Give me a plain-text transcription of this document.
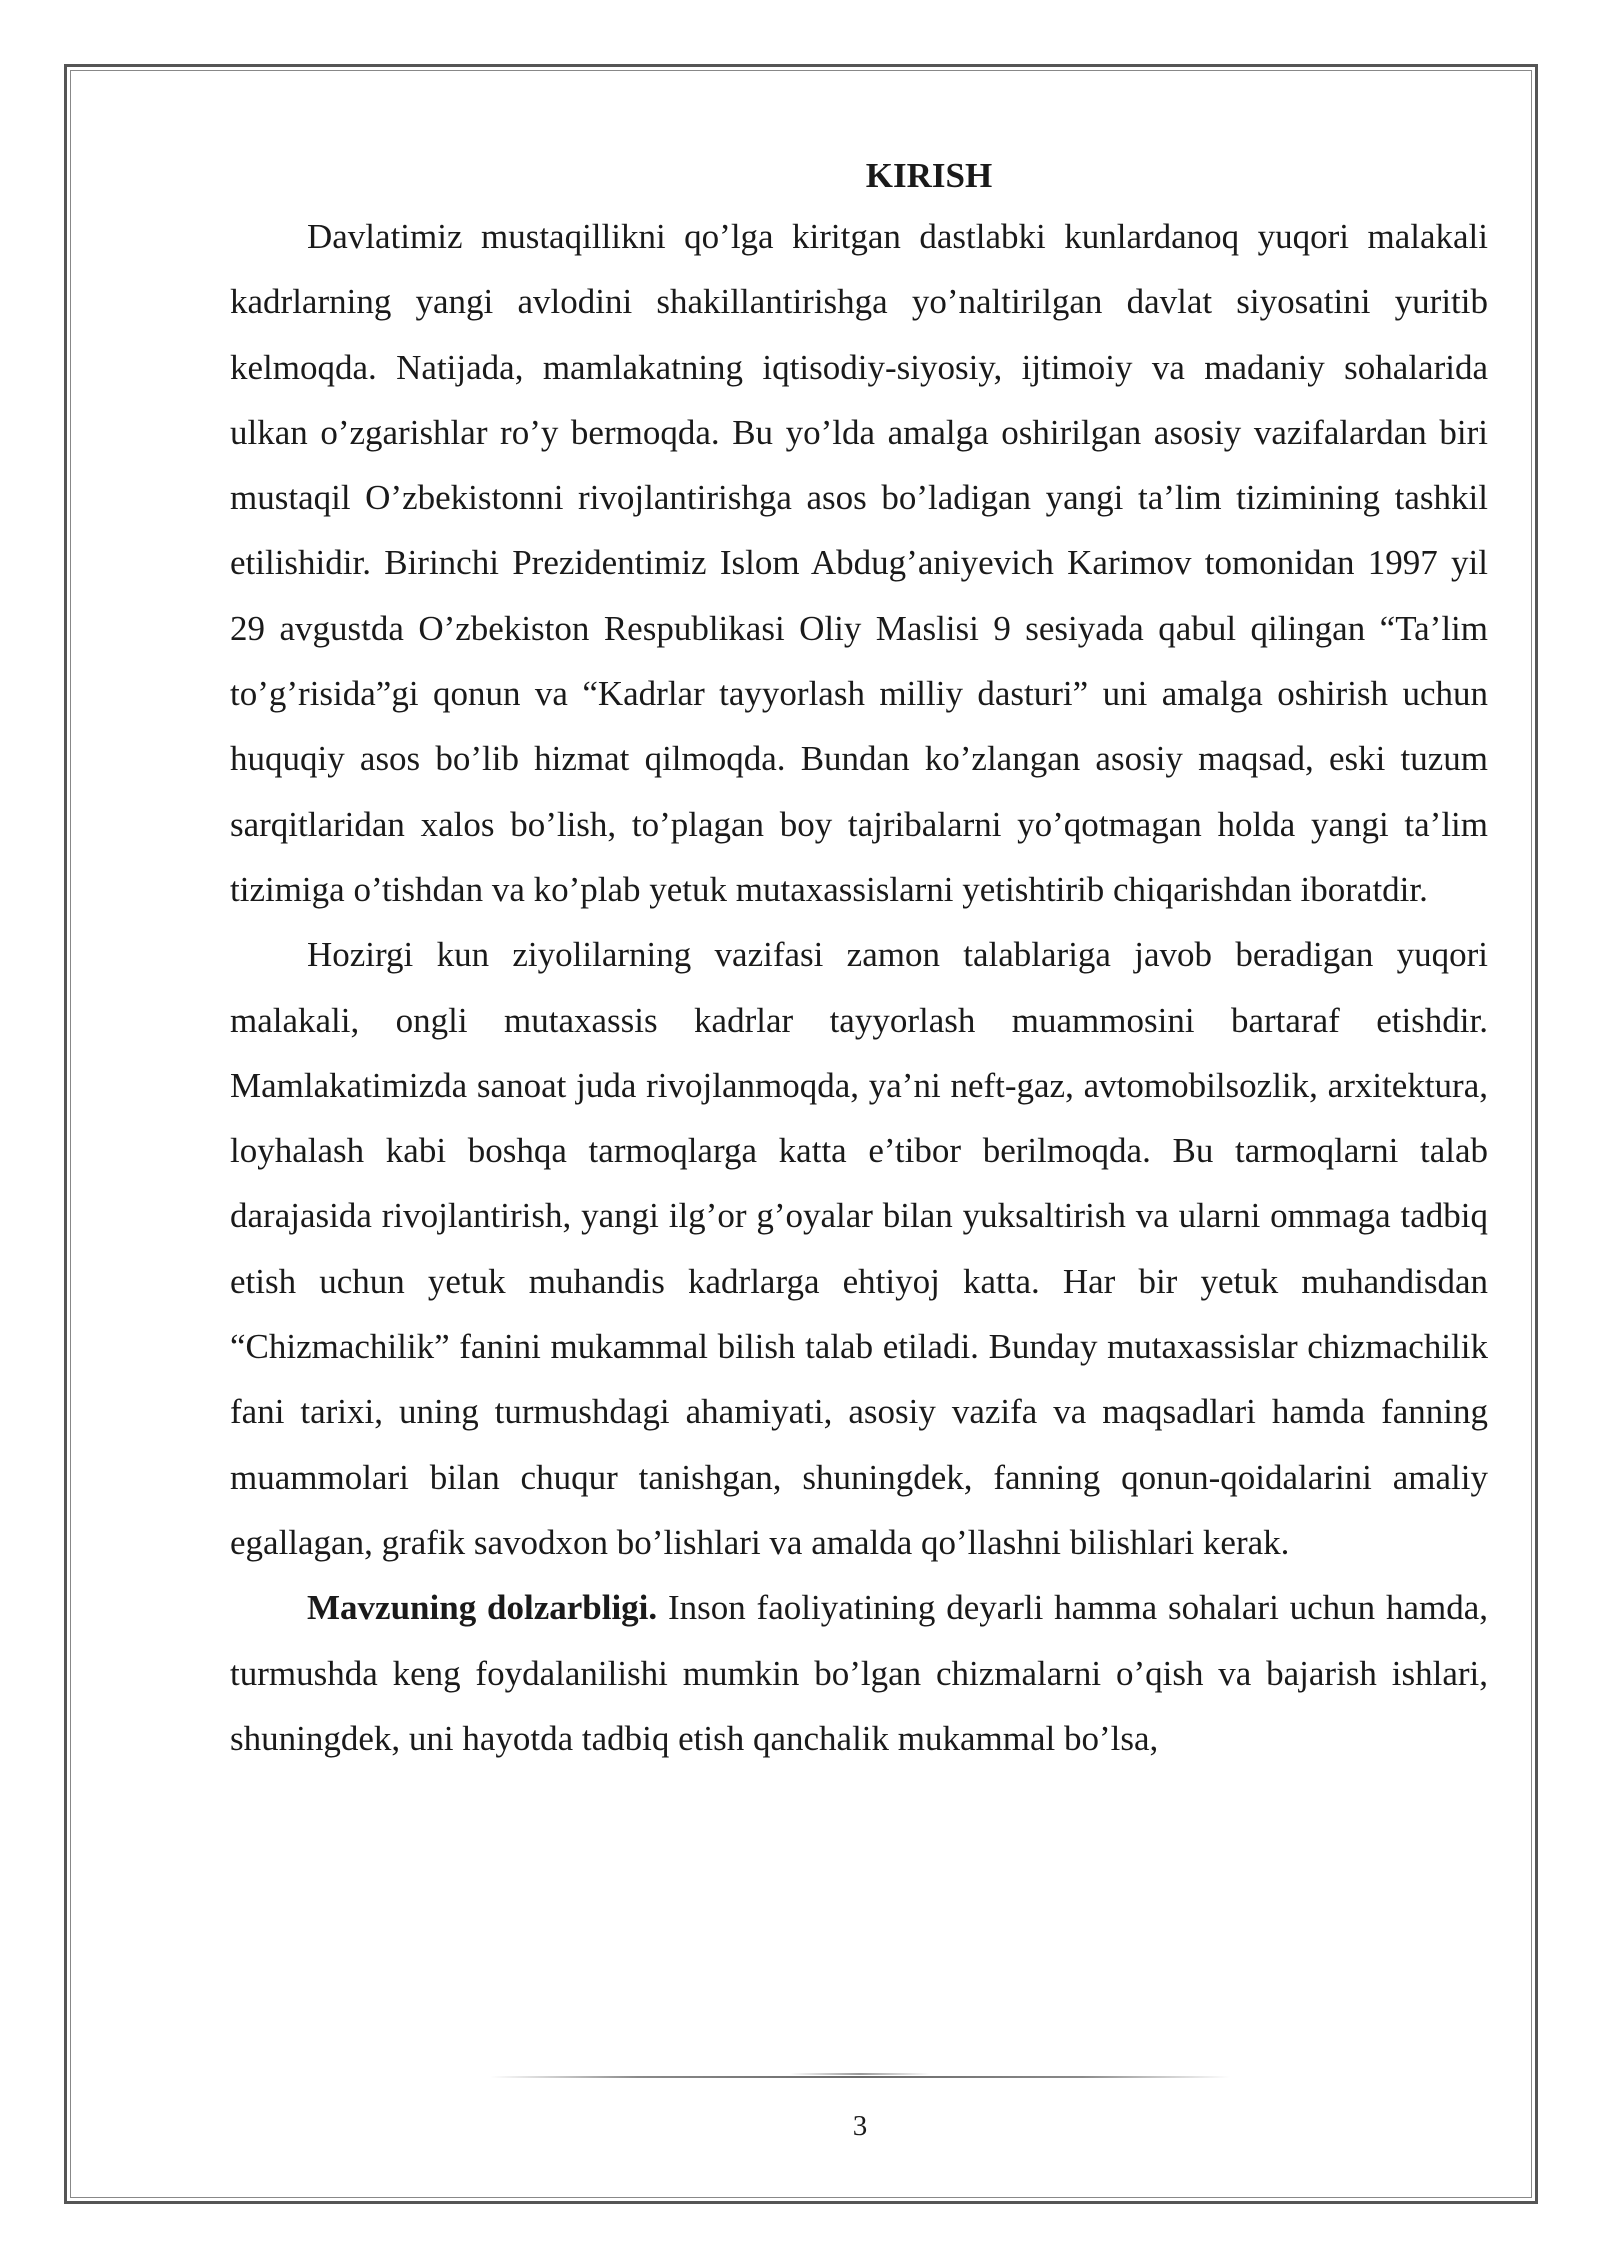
KIRISH

Davlatimiz mustaqillikni qo’lga kiritgan dastlabki kunlardanoq yuqori malakali kadrlarning yangi avlodini shakillantirishga yo’naltirilgan davlat siyosatini yuritib kelmoqda. Natijada, mamlakatning iqtisodiy-siyosiy, ijtimoiy va madaniy sohalarida ulkan o’zgarishlar ro’y bermoqda. Bu yo’lda amalga oshirilgan asosiy vazifalardan biri mustaqil O’zbekistonni rivojlantirishga asos bo’ladigan yangi ta’lim tizimining tashkil etilishidir. Birinchi Prezidentimiz Islom Abdug’aniyevich Karimov tomonidan 1997 yil 29 avgustda O’zbekiston Respublikasi Oliy Maslisi 9 sesiyada qabul qilingan “Ta’lim to’g’risida”gi qonun va “Kadrlar tayyorlash milliy dasturi” uni amalga oshirish uchun huquqiy asos bo’lib hizmat qilmoqda. Bundan ko’zlangan asosiy maqsad, eski tuzum sarqitlaridan xalos bo’lish, to’plagan boy tajribalarni yo’qotmagan holda yangi ta’lim tizimiga o’tishdan va ko’plab yetuk mutaxassislarni yetishtirib chiqarishdan iboratdir.

Hozirgi kun ziyolilarning vazifasi zamon talablariga javob beradigan yuqori malakali, ongli mutaxassis kadrlar tayyorlash muammosini bartaraf etishdir. Mamlakatimizda sanoat juda rivojlanmoqda, ya’ni neft-gaz, avtomobilsozlik, arxitektura, loyhalash kabi boshqa tarmoqlarga katta e’tibor berilmoqda. Bu tarmoqlarni talab darajasida rivojlantirish, yangi ilg’or g’oyalar bilan yuksaltirish va ularni ommaga tadbiq etish uchun yetuk muhandis kadrlarga ehtiyoj katta. Har bir yetuk muhandisdan “Chizmachilik” fanini mukammal bilish talab etiladi. Bunday mutaxassislar chizmachilik fani tarixi, uning turmushdagi ahamiyati, asosiy vazifa va maqsadlari hamda fanning muammolari bilan chuqur tanishgan, shuningdek, fanning qonun-qoidalarini amaliy egallagan, grafik savodxon bo’lishlari va amalda qo’llashni bilishlari kerak.

Mavzuning dolzarbligi. Inson faoliyatining deyarli hamma sohalari uchun hamda, turmushda keng foydalanilishi mumkin bo’lgan chizmalarni o’qish va bajarish ishlari, shuningdek, uni hayotda tadbiq etish qanchalik mukammal bo’lsa,

3
